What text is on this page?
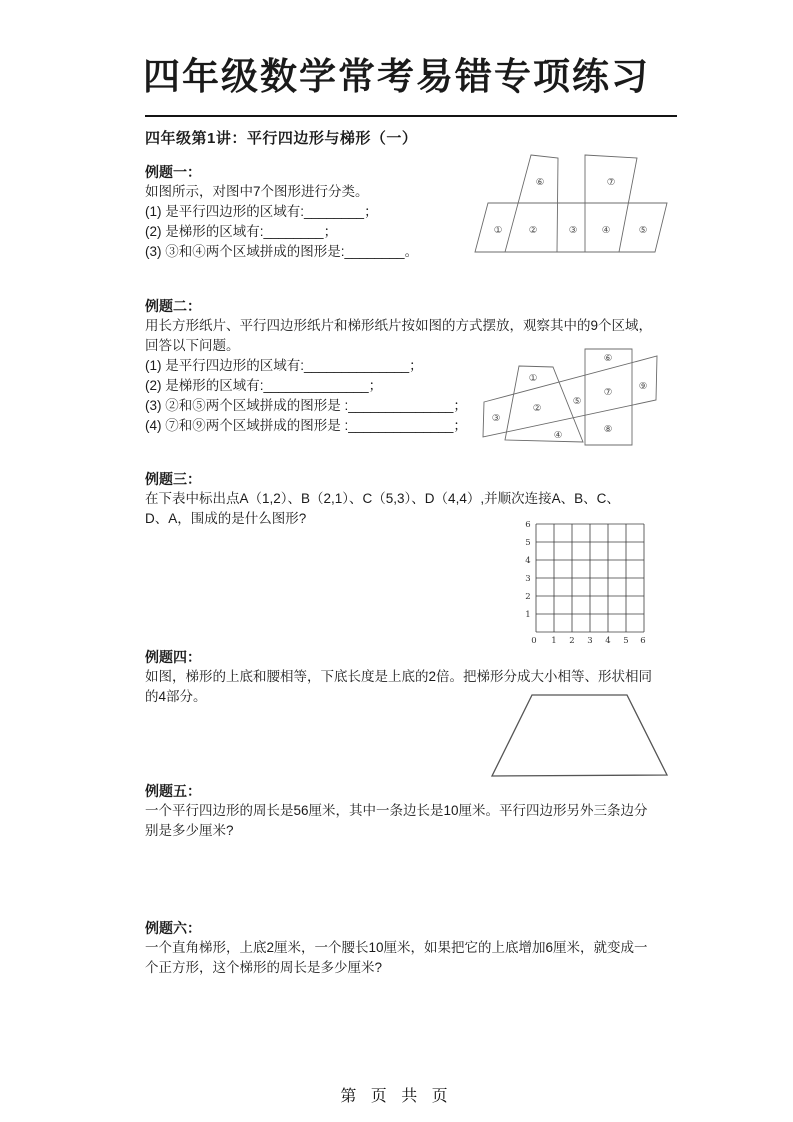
四年级数学常考易错专项练习
四年级第1讲：平行四边形与梯形（一）
例题一：
如图所示，对图中7个图形进行分类。
(1) 是平行四边形的区域有:________；
(2) 是梯形的区域有:________；
(3) ③和④两个区域拼成的图形是:________。
①	②	③	④	⑤
⑥	⑦
例题二：
用长方形纸片、平行四边形纸片和梯形纸片按如图的方式摆放，观察其中的9个区域，
回答以下问题。
(1) 是平行四边形的区域有:______________；
(2) 是梯形的区域有:______________；
(3) ②和⑤两个区域拼成的图形是 :______________；
(4) ⑦和⑨两个区域拼成的图形是 :______________；
①
②
③
④
⑤
⑥
⑦
⑧
⑨
例题三：
在下表中标出点A（1,2）、B（2,1）、C（5,3）、D（4,4）,并顺次连接A、B、C、
D、A，围成的是什么图形?	6
5
4
3
2
1
0 1 2 3 4 5 6
例题四：
如图，梯形的上底和腰相等，下底长度是上底的2倍。把梯形分成大小相等、形状相同
的4部分。
例题五：
一个平行四边形的周长是56厘米，其中一条边长是10厘米。平行四边形另外三条边分
别是多少厘米?
例题六：
一个直角梯形，上底2厘米，一个腰长10厘米，如果把它的上底增加6厘米，就变成一
个正方形，这个梯形的周长是多少厘米?
第 页 共 页
